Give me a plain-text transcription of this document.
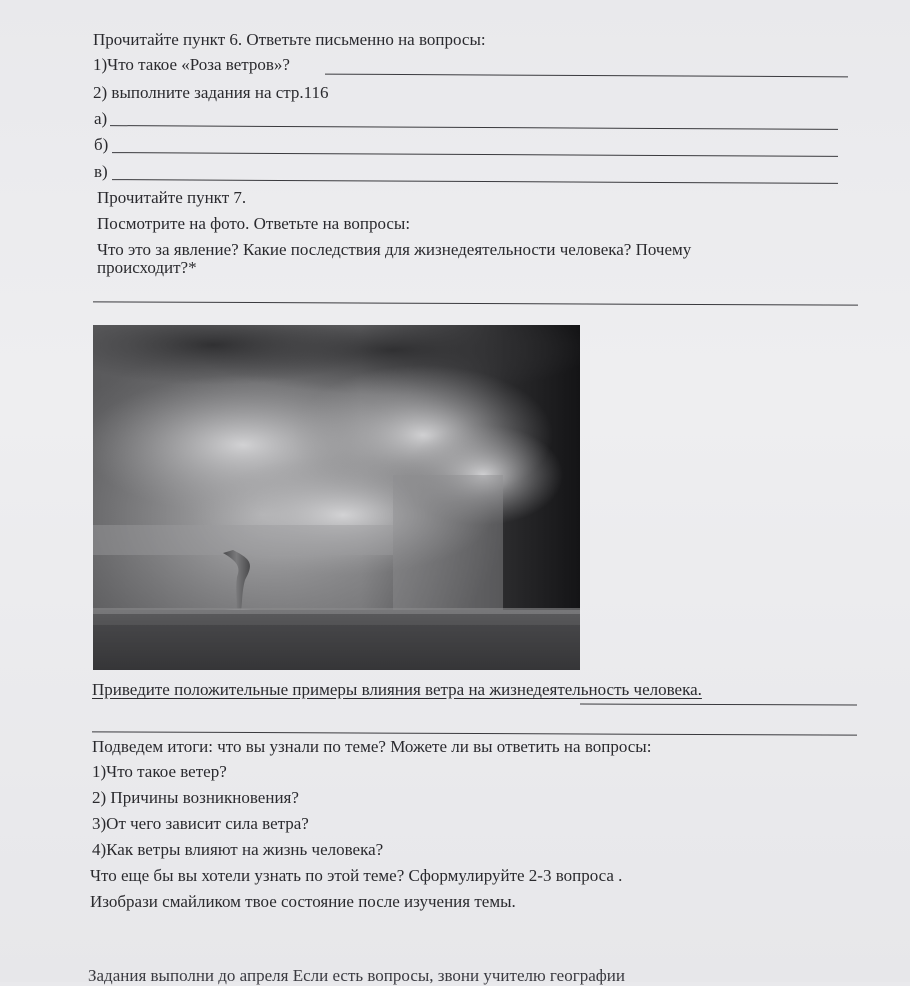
Прочитайте пункт 6. Ответьте письменно на вопросы:
1)Что такое «Роза ветров»?
2) выполните задания на стр.116
а)
б)
в)
Прочитайте пункт 7.
Посмотрите на фото. Ответьте на вопросы:
Что это за явление? Какие последствия для жизнедеятельности человека? Почему
происходит?*
Приведите положительные примеры влияния ветра на жизнедеятельность человека.
Подведем итоги: что вы узнали по теме? Можете ли вы ответить на вопросы:
1)Что такое ветер?
2) Причины возникновения?
3)От чего зависит сила ветра?
4)Как ветры влияют на жизнь человека?
Что еще бы вы хотели узнать по этой теме? Сформулируйте 2-3 вопроса .
Изобрази смайликом твое состояние после изучения темы.
Задания выполни до апреля Если есть вопросы, звони учителю географии
